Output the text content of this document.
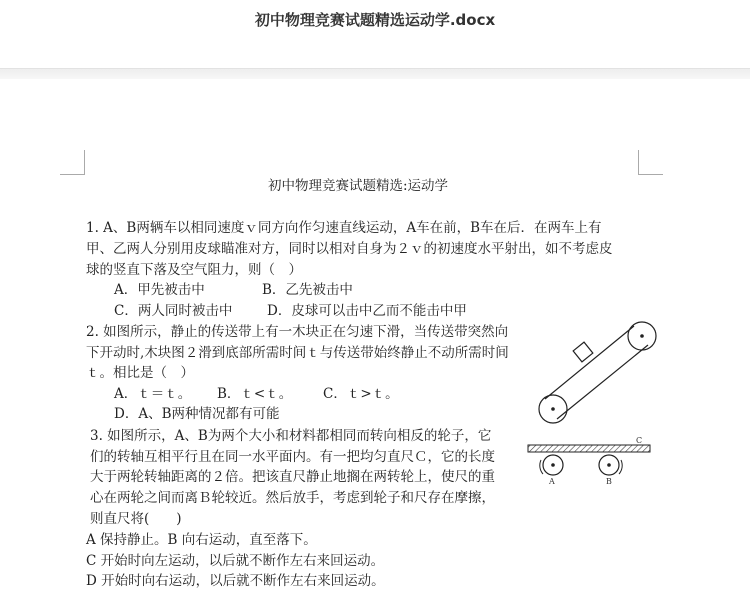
初中物理竞赛试题精选运动学.docx
初中物理竞赛试题精选:运动学
1. A、B两辆车以相同速度ｖ同方向作匀速直线运动，A车在前，B车在后．在两车上有
甲、乙两人分别用皮球瞄准对方，同时以相对自身为２ｖ的初速度水平射出，如不考虑皮
球的竖直下落及空气阻力，则（　）
A．甲先被击中	B．乙先被击中
C．两人同时被击中	D．皮球可以击中乙而不能击中甲
2. 如图所示，静止的传送带上有一木块正在匀速下滑，当传送带突然向
下开动时,木块图２滑到底部所需时间ｔ与传送带始终静止不动所需时间
ｔ。相比是（　）
A．ｔ＝ｔ。 B．ｔ<ｔ。 C．ｔ>ｔ。
D．A、B两种情况都有可能
3. 如图所示，A、B为两个大小和材料都相同而转向相反的轮子，它
们的转轴互相平行且在同一水平面内。有一把均匀直尺Ｃ，它的长度
大于两轮转轴距离的２倍。把该直尺静止地搁在两转轮上，使尺的重
心在两轮之间而离Ｂ轮较近。然后放手，考虑到轮子和尺存在摩擦，
则直尺将(　　)
A 保持静止。B 向右运动，直至落下。
C 开始时向左运动，以后就不断作左右来回运动。
D 开始时向右运动，以后就不断作左右来回运动。
C
A	B
